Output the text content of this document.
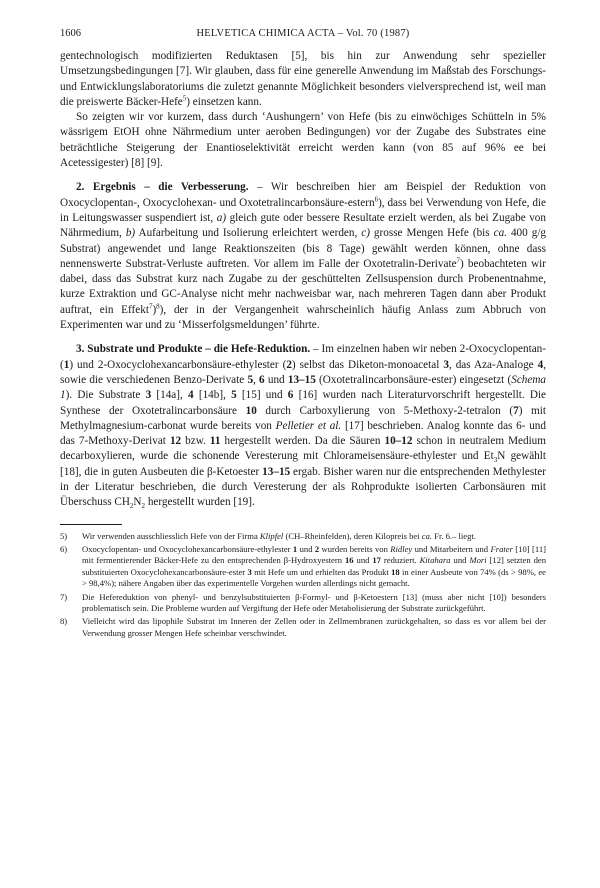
1606	HELVETICA CHIMICA ACTA – Vol. 70 (1987)

gentechnologisch modifizierten Reduktasen [5], bis hin zur Anwendung sehr spezieller Umsetzungsbedingungen [7]. Wir glauben, dass für eine generelle Anwendung im Maßstab des Forschungs- und Entwicklungslaboratoriums die zuletzt genannte Möglichkeit besonders vielversprechend ist, weil man die preiswerte Bäcker-Hefe$^5$) einsetzen kann.

So zeigten wir vor kurzem, dass durch ‘Aushungern’ von Hefe (bis zu einwöchiges Schütteln in 5% wässrigem EtOH ohne Nährmedium unter aeroben Bedingungen) vor der Zugabe des Substrates eine beträchtliche Steigerung der Enantioselektivität erreicht werden kann (von 85 auf 96% ee bei Acetessigester) [8] [9].

2. Ergebnis – die Verbesserung. – Wir beschreiben hier am Beispiel der Reduktion von Oxocyclopentan-, Oxocyclohexan- und Oxotetralincarbonsäure-estern$^6$), dass bei Verwendung von Hefe, die in Leitungswasser suspendiert ist, a) gleich gute oder bessere Resultate erzielt werden, als bei Zugabe von Nährmedium, b) Aufarbeitung und Isolierung erleichtert werden, c) grosse Mengen Hefe (bis ca. 400 g/g Substrat) angewendet und lange Reaktionszeiten (bis 8 Tage) gewählt werden können, ohne dass nennenswerte Substrat-Verluste auftreten. Vor allem im Falle der Oxotetralin-Derivate$^7$) beobachteten wir dabei, dass das Substrat kurz nach Zugabe zu der geschüttelten Zellsuspension durch Probenentnahme, kurze Extraktion und GC-Analyse nicht mehr nachweisbar war, nach mehreren Tagen dann aber Produkt auftrat, ein Effekt$^7$)$^8$), der in der Vergangenheit wahrscheinlich häufig Anlass zum Abbruch von Experimenten war und zu ‘Misserfolgsmeldungen’ führte.

3. Substrate und Produkte – die Hefe-Reduktion. – Im einzelnen haben wir neben 2-Oxocyclopentan- (1) und 2-Oxocyclohexancarbonsäure-ethylester (2) selbst das Diketon-monoacetal 3, das Aza-Analoge 4, sowie die verschiedenen Benzo-Derivate 5, 6 und 13–15 (Oxotetralincarbonsäure-ester) eingesetzt (Schema 1). Die Substrate 3 [14a], 4 [14b], 5 [15] und 6 [16] wurden nach Literaturvorschrift hergestellt. Die Synthese der Oxotetralincarbonsäure 10 durch Carboxylierung von 5-Methoxy-2-tetralon (7) mit Methylmagnesium-carbonat wurde bereits von Pelletier et al. [17] beschrieben. Analog konnte das 6- und das 7-Methoxy-Derivat 12 bzw. 11 hergestellt werden. Da die Säuren 10–12 schon in neutralem Medium decarboxylieren, wurde die schonende Veresterung mit Chlorameisensäure-ethylester und $Et_3N$ gewählt [18], die in guten Ausbeuten die β-Ketoester 13–15 ergab. Bisher waren nur die entsprechenden Methylester in der Literatur beschrieben, die durch Veresterung der als Rohprodukte isolierten Carbonsäuren mit Überschuss $CH_2N_2$ hergestellt wurden [19].

5) Wir verwenden ausschliesslich Hefe von der Firma Klipfel (CH–Rheinfelden), deren Kilopreis bei ca. Fr. 6.– liegt.
6) Oxocyclopentan- und Oxocyclohexancarbonsäure-ethylester 1 und 2 wurden bereits von Ridley und Mitarbeitern und Frater [10] [11] mit fermentierender Bäcker-Hefe zu den entsprechenden β-Hydroxyestern 16 und 17 reduziert. Kitahara und Mori [12] setzten den substituierten Oxocyclohexancarbonsäure-ester 3 mit Hefe um und erhielten das Produkt 18 in einer Ausbeute von 74% (ds > 98%, ee > 98,4%); nähere Angaben über das experimentelle Vorgehen wurden allerdings nicht gemacht.
7) Die Hefereduktion von phenyl- und benzylsubstituierten β-Formyl- und β-Ketoestern [13] (muss aber nicht [10]) besonders problematisch sein. Die Probleme wurden auf Vergiftung der Hefe oder Metabolisierung der Substrate zurückgeführt.
8) Vielleicht wird das lipophile Substrat im Inneren der Zellen oder in Zellmembranen zurückgehalten, so dass es vor allem bei der Verwendung grosser Mengen Hefe scheinbar verschwindet.
